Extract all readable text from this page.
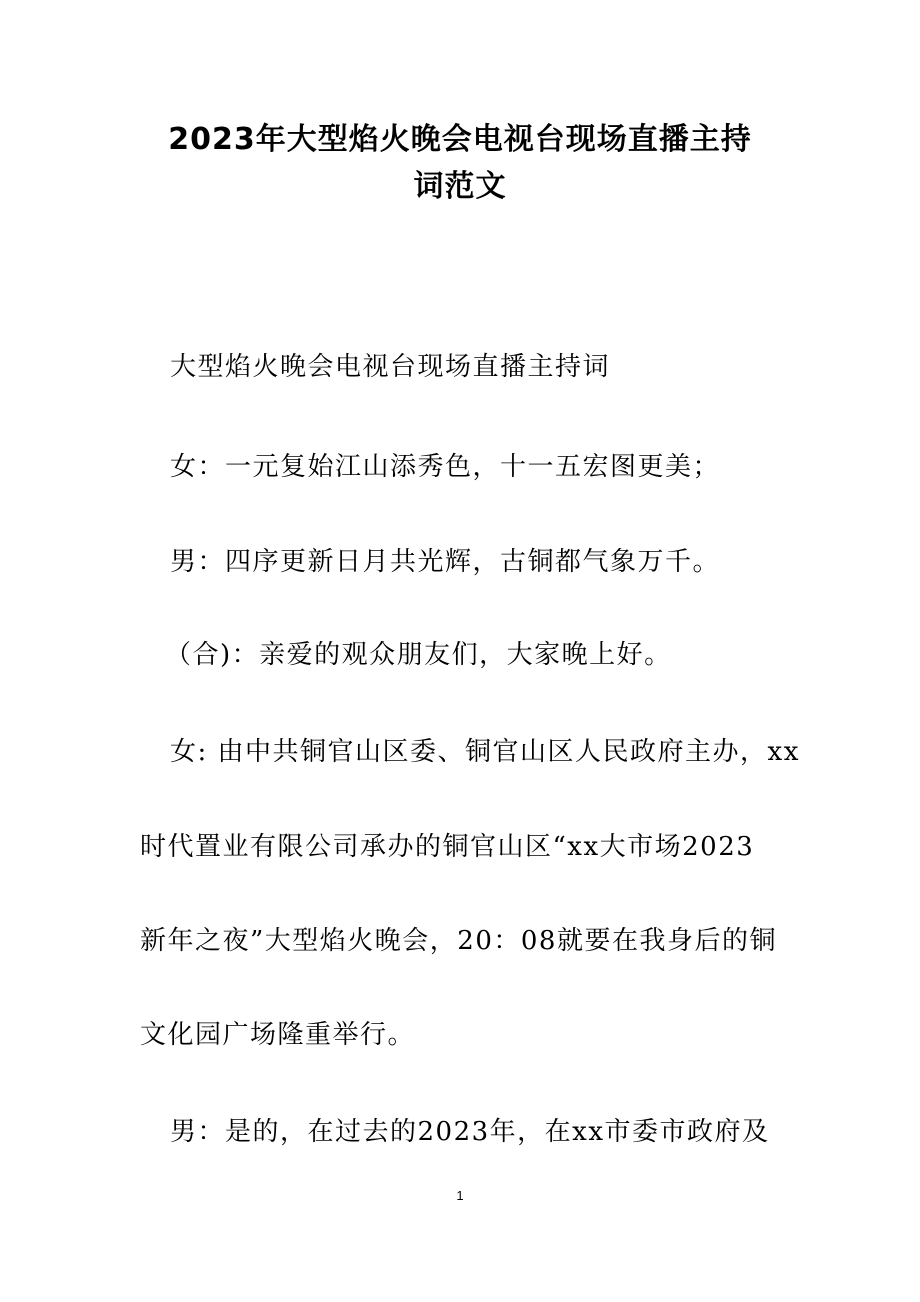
2023年大型焰火晚会电视台现场直播主持
词范文

大型焰火晚会电视台现场直播主持词

女：一元复始江山添秀色，十一五宏图更美；

男：四序更新日月共光辉，古铜都气象万千。

（合)：亲爱的观众朋友们，大家晚上好。

女: 由中共铜官山区委、铜官山区人民政府主办，xx

时代置业有限公司承办的铜官山区“xx大市场2023

新年之夜”大型焰火晚会，20：08就要在我身后的铜

文化园广场隆重举行。

男：是的，在过去的2023年，在xx市委市政府及

1
